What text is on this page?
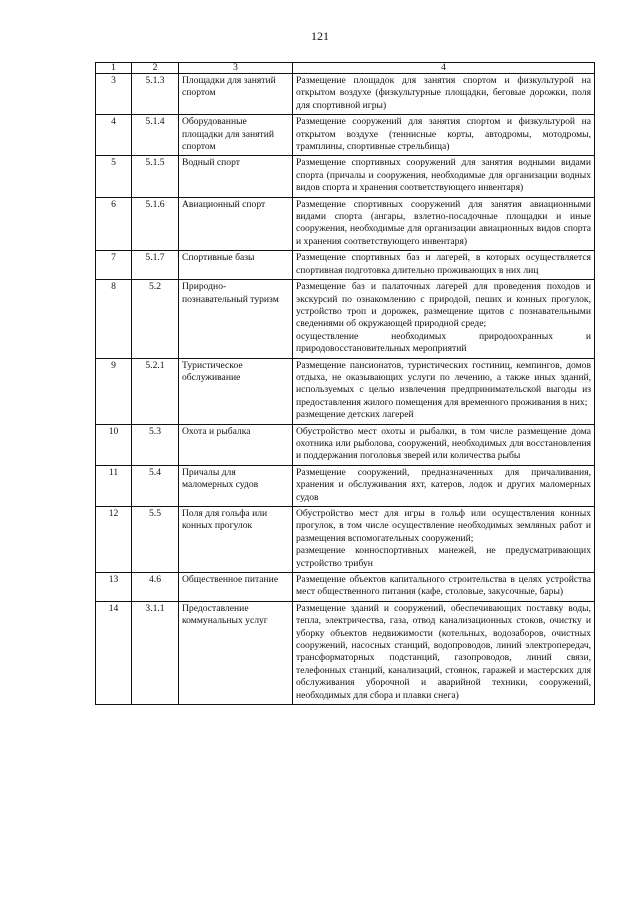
121
1	2	3	4
3	5.1.3	Площадки для занятий спортом	Размещение площадок для занятия спортом и физкультурой на открытом воздухе (физкультурные площадки, беговые дорожки, поля для спортивной игры)

4	5.1.4	Оборудованные площадки для занятий спортом	Размещение сооружений для занятия спортом и физкультурой на открытом воздухе (теннисные корты, автодромы, мотодромы, трамплины, спортивные стрельбища)

5	5.1.5	Водный спорт	Размещение спортивных сооружений для занятия водными видами спорта (причалы и сооружения, необходимые для организации водных видов спорта и хранения соответствующего инвентаря)

6	5.1.6	Авиационный спорт	Размещение спортивных сооружений для занятия авиационными видами спорта (ангары, взлетно-посадочные площадки и иные сооружения, необходимые для организации авиационных видов спорта и хранения соответствующего инвентаря)

7	5.1.7	Спортивные базы	Размещение спортивных баз и лагерей, в которых осуществляется спортивная подготовка длительно проживающих в них лиц

8	5.2	Природно-познавательный туризм	Размещение баз и палаточных лагерей для проведения походов и экскурсий по ознакомлению с природой, пеших и конных прогулок, устройство троп и дорожек, размещение щитов с познавательными сведениями об окружающей природной среде;
осуществление необходимых природоохранных и природовосстановительных мероприятий

9	5.2.1	Туристическое обслуживание	Размещение пансионатов, туристических гостиниц, кемпингов, домов отдыха, не оказывающих услуги по лечению, а также иных зданий, используемых с целью извлечения предпринимательской выгоды из предоставления жилого помещения для временного проживания в них;
размещение детских лагерей

10	5.3	Охота и рыбалка	Обустройство мест охоты и рыбалки, в том числе размещение дома охотника или рыболова, сооружений, необходимых для восстановления и поддержания поголовья зверей или количества рыбы

11	5.4	Причалы для маломерных судов	Размещение сооружений, предназначенных для причаливания, хранения и обслуживания яхт, катеров, лодок и других маломерных судов

12	5.5	Поля для гольфа или конных прогулок	Обустройство мест для игры в гольф или осуществления конных прогулок, в том числе осуществление необходимых земляных работ и размещения вспомогательных сооружений;
размещение конноспортивных манежей, не предусматривающих устройство трибун

13	4.6	Общественное питание	Размещение объектов капитального строительства в целях устройства мест общественного питания (кафе, столовые, закусочные, бары)

14	3.1.1	Предоставление коммунальных услуг	Размещение зданий и сооружений, обеспечивающих поставку воды, тепла, электричества, газа, отвод канализационных стоков, очистку и уборку объектов недвижимости (котельных, водозаборов, очистных сооружений, насосных станций, водопроводов, линий электропередач, трансформаторных подстанций, газопроводов, линий связи, телефонных станций, канализаций, стоянок, гаражей и мастерских для обслуживания уборочной и аварийной техники, сооружений, необходимых для сбора и плавки снега)
